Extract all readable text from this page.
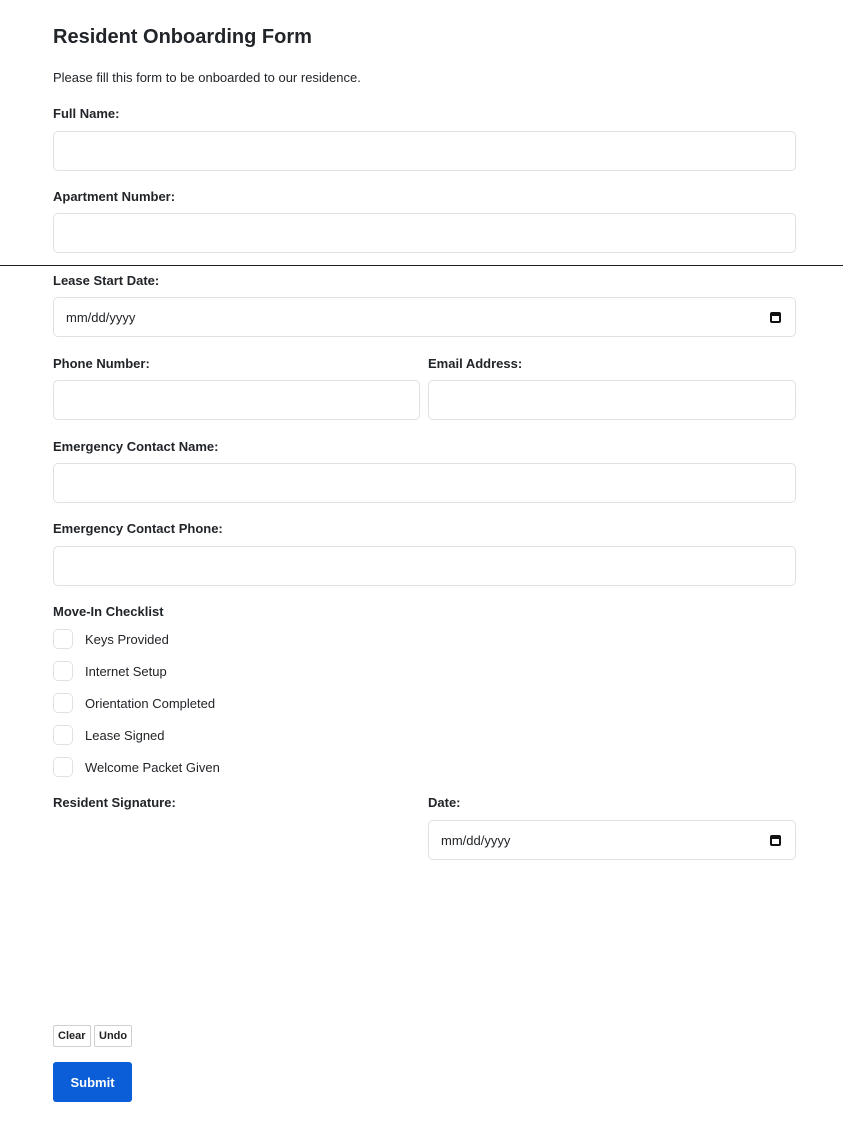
Resident Onboarding Form

Please fill this form to be onboarded to our residence.

Full Name:
Apartment Number:
Lease Start Date:
mm/dd/yyyy
Phone Number:	Email Address:
Emergency Contact Name:
Emergency Contact Phone:
Move-In Checklist
Keys Provided
Internet Setup
Orientation Completed
Lease Signed
Welcome Packet Given
Resident Signature:	Date:
mm/dd/yyyy
Clear	Undo
Submit
